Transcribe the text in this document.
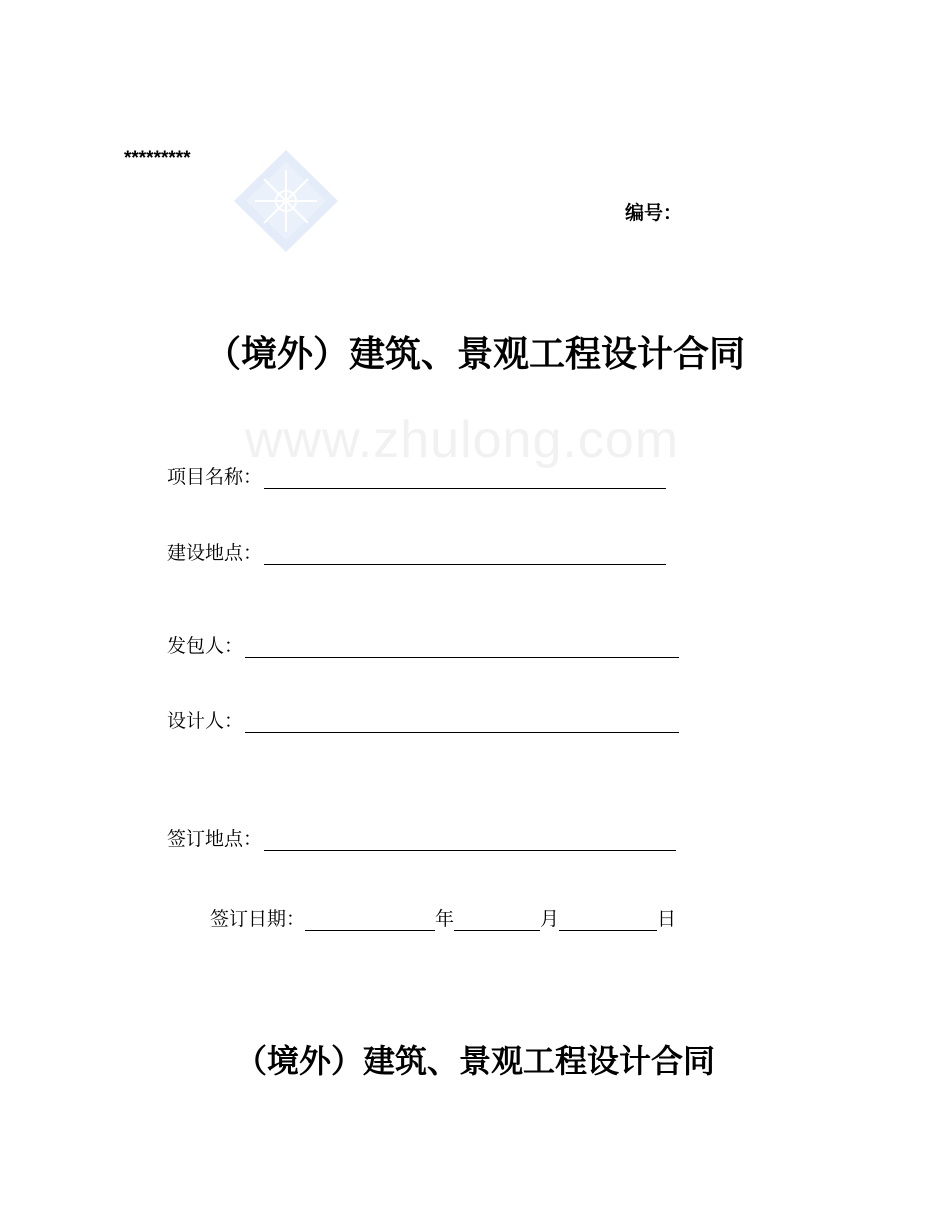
*********
编号：
（境外）建筑、景观工程设计合同
www.zhulong.com
项目名称：
建设地点：
发包人：
设计人：
签订地点：
签订日期：	年	月	日
（境外）建筑、景观工程设计合同
